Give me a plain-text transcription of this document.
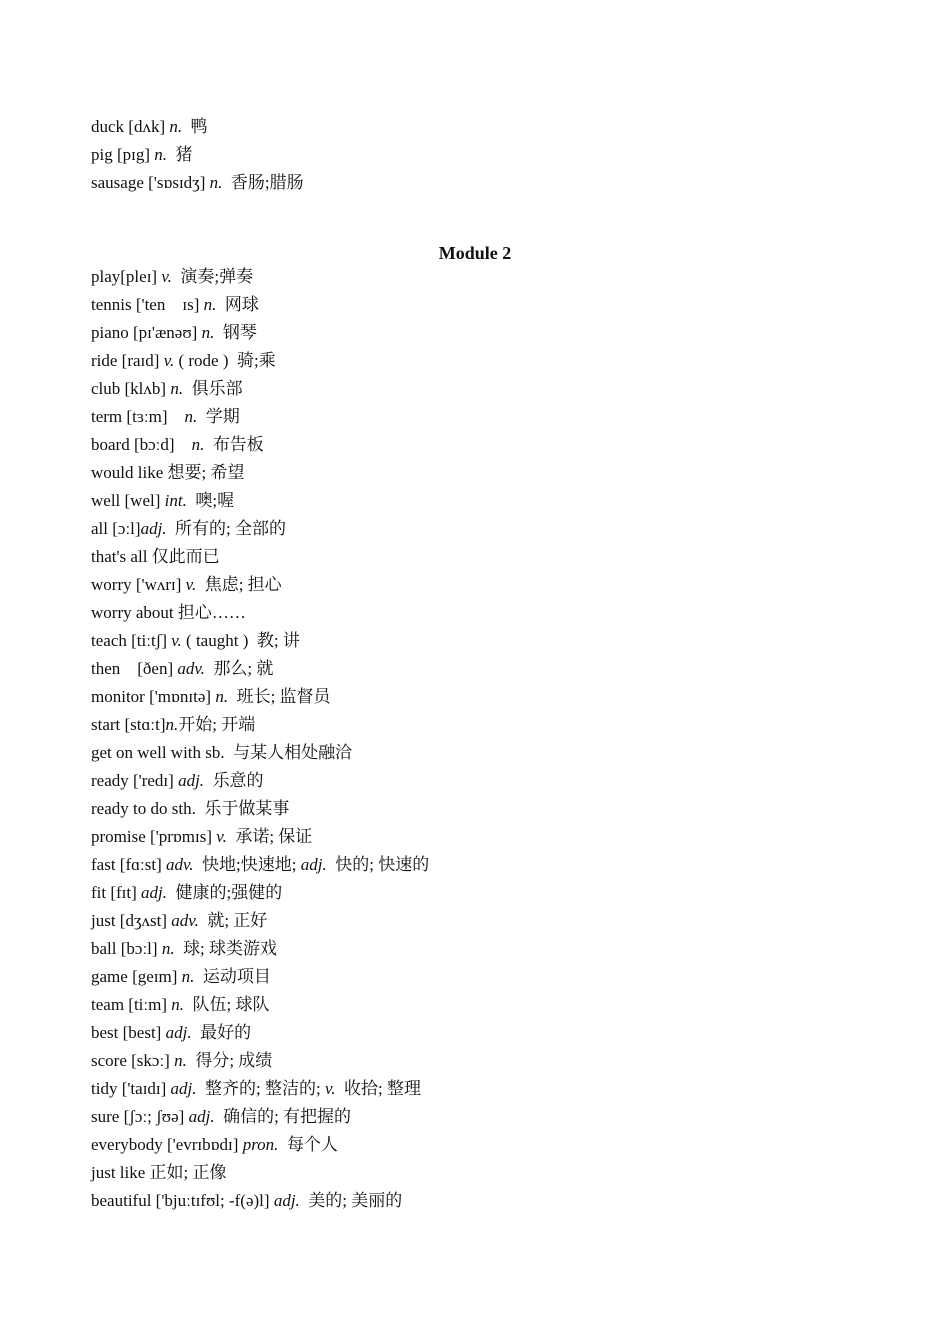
duck [dʌk] n.  鸭
pig [pɪg] n.  猪
sausage ['sɒsɪdʒ] n.  香肠;腊肠
Module 2
play[pleɪ] v.  演奏;弹奏
tennis ['ten    ɪs] n.  网球
piano [pɪ'ænəʊ] n.  钢琴
ride [raɪd] v. ( rode )  骑;乘
club [klʌb] n.  俱乐部
term [tɜːm]    n.  学期
board [bɔːd]    n.  布告板
would like 想要; 希望
well [wel] int.  噢;喔
all [ɔːl]adj.  所有的; 全部的
that's all 仅此而已
worry ['wʌrɪ] v.  焦虑; 担心
worry about 担心……
teach [tiːtʃ] v. ( taught )  教; 讲
then    [ðen] adv.  那么; 就
monitor ['mɒnɪtə] n.  班长; 监督员
start [stɑːt]n.开始; 开端
get on well with sb.  与某人相处融洽
ready ['redɪ] adj.  乐意的
ready to do sth.  乐于做某事
promise ['prɒmɪs] v.  承诺; 保证
fast [fɑːst] adv.  快地;快速地; adj.  快的; 快速的
fit [fɪt] adj.  健康的;强健的
just [dʒʌst] adv.  就; 正好
ball [bɔːl] n.  球; 球类游戏
game [geɪm] n.  运动项目
team [tiːm] n.  队伍; 球队
best [best] adj.  最好的
score [skɔː] n.  得分; 成绩
tidy ['taɪdɪ] adj.  整齐的; 整洁的; v.  收拾; 整理
sure [ʃɔː; ʃʊə] adj.  确信的; 有把握的
everybody ['evrɪbɒdɪ] pron.  每个人
just like 正如; 正像
beautiful ['bjuːtɪfʊl; -f(ə)l] adj.  美的; 美丽的
